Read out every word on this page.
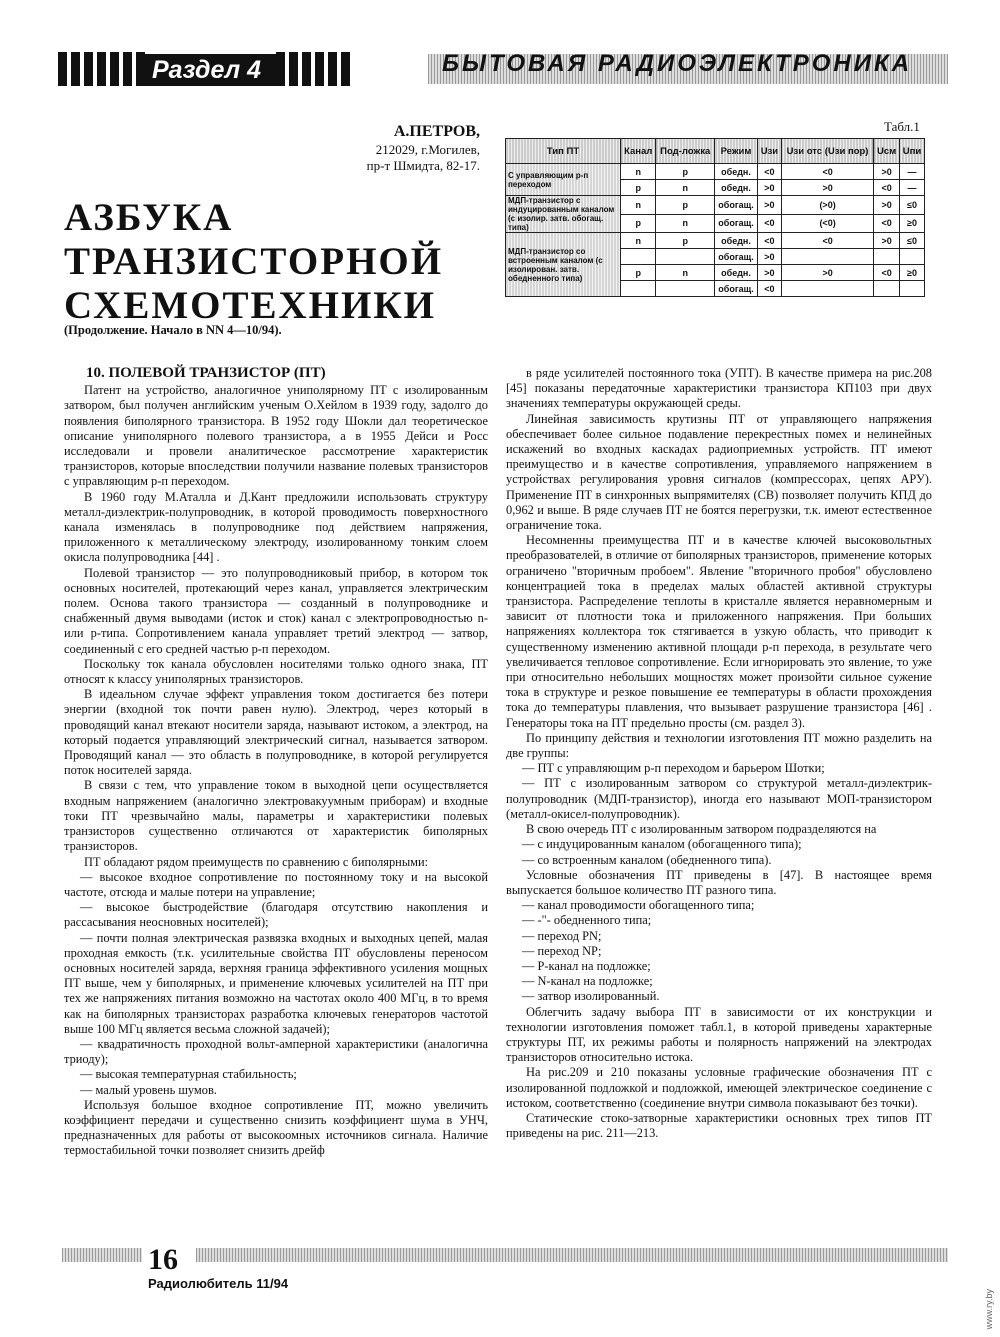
Раздел 4	БЫТОВАЯ РАДИОЭЛЕКТРОНИКА
А.ПЕТРОВ,
212029, г.Могилев,
пр-т Шмидта, 82-17.
АЗБУКА
ТРАНЗИСТОРНОЙ
СХЕМОТЕХНИКИ
(Продолжение. Начало в NN 4—10/94).
Табл.1
Тип ПТ	Канал	Под-ложка	Режим	Uзи	Uзи отс (Uзи пор)	Uсм	Uпи
С управляющим р-п переходом	n	p	обедн.	<0	<0	>0	—
	p	n	обедн.	>0	>0	<0	—
МДП-транзистор с индуцированным каналом (с изолир. затв. обогащ. типа)	n	p	обогащ.	>0	(>0)	>0	≤0
	p	n	обогащ.	<0	(<0)	<0	≥0
МДП-транзистор со встроенным каналом (с изолирован. затв. обедненного типа)	n	p	обедн.	<0	<0	>0	≤0
			обогащ.	>0			
	p	n	обедн.	>0	>0	<0	≥0
			обогащ.	<0			

10. ПОЛЕВОЙ ТРАНЗИСТОР (ПТ)

Патент на устройство, аналогичное униполярному ПТ с изолированным затвором, был получен английским ученым О.Хейлом в 1939 году, задолго до появления биполярного транзистора. В 1952 году Шокли дал теоретическое описание униполярного полевого транзистора, а в 1955 Дейси и Росс исследовали и провели аналитическое рассмотрение характеристик транзисторов, которые впоследствии получили название полевых транзисторов с управляющим р-п переходом.

В 1960 году М.Аталла и Д.Кант предложили использовать структуру металл-диэлектрик-полупроводник, в которой проводимость поверхностного канала изменялась в полупроводнике под действием напряжения, приложенного к металлическому электроду, изолированному тонким слоем окисла полупроводника [44] .

Полевой транзистор — это полупроводниковый прибор, в котором ток основных носителей, протекающий через канал, управляется электрическим полем. Основа такого транзистора — созданный в полупроводнике и снабженный двумя выводами (исток и сток) канал с электропроводностью n- или p-типа. Сопротивлением канала управляет третий электрод — затвор, соединенный с его средней частью р-п переходом.

Поскольку ток канала обусловлен носителями только одного знака, ПТ относят к классу униполярных транзисторов.

В идеальном случае эффект управления током достигается без потери энергии (входной ток почти равен нулю). Электрод, через который в проводящий канал втекают носители заряда, называют истоком, а электрод, на который подается управляющий электрический сигнал, называется затвором. Проводящий канал — это область в полупроводнике, в которой регулируется поток носителей заряда.

В связи с тем, что управление током в выходной цепи осуществляется входным напряжением (аналогично электровакуумным приборам) и входные токи ПТ чрезвычайно малы, параметры и характеристики полевых транзисторов существенно отличаются от характеристик биполярных транзисторов.

ПТ обладают рядом преимуществ по сравнению с биполярными:

— высокое входное сопротивление по постоянному току и на высокой частоте, отсюда и малые потери на управление;

— высокое быстродействие (благодаря отсутствию накопления и рассасывания неосновных носителей);

— почти полная электрическая развязка входных и выходных цепей, малая проходная емкость (т.к. усилительные свойства ПТ обусловлены переносом основных носителей заряда, верхняя граница эффективного усиления мощных ПТ выше, чем у биполярных, и применение ключевых усилителей на ПТ при тех же напряжениях питания возможно на частотах около 400 МГц, в то время как на биполярных транзисторах разработка ключевых генераторов частотой выше 100 МГц является весьма сложной задачей);

— квадратичность проходной вольт-амперной характеристики (аналогична триоду);

— высокая температурная стабильность;

— малый уровень шумов.

Используя большое входное сопротивление ПТ, можно увеличить коэффициент передачи и существенно снизить коэффициент шума в УНЧ, предназначенных для работы от высокоомных источников сигнала. Наличие термостабильной точки позволяет снизить дрейф

в ряде усилителей постоянного тока (УПТ). В качестве примера на рис.208 [45] показаны передаточные характеристики транзистора КП103 при двух значениях температуры окружающей среды.

Линейная зависимость крутизны ПТ от управляющего напряжения обеспечивает более сильное подавление перекрестных помех и нелинейных искажений во входных каскадах радиоприемных устройств. ПТ имеют преимущество и в качестве сопротивления, управляемого напряжением в устройствах регулирования уровня сигналов (компрессорах, цепях АРУ). Применение ПТ в синхронных выпрямителях (СВ) позволяет получить КПД до 0,962 и выше. В ряде случаев ПТ не боятся перегрузки, т.к. имеют естественное ограничение тока.

Несомненны преимущества ПТ и в качестве ключей высоковольтных преобразователей, в отличие от биполярных транзисторов, применение которых ограничено "вторичным пробоем". Явление "вторичного пробоя" обусловлено концентрацией тока в пределах малых областей активной структуры транзистора. Распределение теплоты в кристалле является неравномерным и зависит от плотности тока и приложенного напряжения. При больших напряжениях коллектора ток стягивается в узкую область, что приводит к существенному изменению активной площади р-п перехода, в результате чего увеличивается тепловое сопротивление. Если игнорировать это явление, то уже при относительно небольших мощностях может произойти сильное сужение тока в структуре и резкое повышение ее температуры в области прохождения тока до температуры плавления, что вызывает разрушение транзистора [46] . Генераторы тока на ПТ предельно просты (см. раздел 3).

По принципу действия и технологии изготовления ПТ можно разделить на две группы:

— ПТ с управляющим р-п переходом и барьером Шотки;

— ПТ с изолированным затвором со структурой металл-диэлектрик-полупроводник (МДП-транзистор), иногда его называют МОП-транзистором (металл-окисел-полупроводник).

В свою очередь ПТ с изолированным затвором подразделяются на

— с индуцированным каналом (обогащенного типа);

— со встроенным каналом (обедненного типа).

Условные обозначения ПТ приведены в [47]. В настоящее время выпускается большое количество ПТ разного типа.

— канал проводимости обогащенного типа;

— -"- обедненного типа;

— переход PN;

— переход NP;

— P-канал на подложке;

— N-канал на подложке;

— затвор изолированный.

Облегчить задачу выбора ПТ в зависимости от их конструкции и технологии изготовления поможет табл.1, в которой приведены характерные структуры ПТ, их режимы работы и полярность напряжений на электродах транзисторов относительно истока.

На рис.209 и 210 показаны условные графические обозначения ПТ с изолированной подложкой и подложкой, имеющей электрическое соединение с истоком, соответственно (соединение внутри символа показывают без точки).

Статические стоко-затворные характеристики основных трех типов ПТ приведены на рис. 211—213.

16
Радиолюбитель 11/94
www.ry.by
